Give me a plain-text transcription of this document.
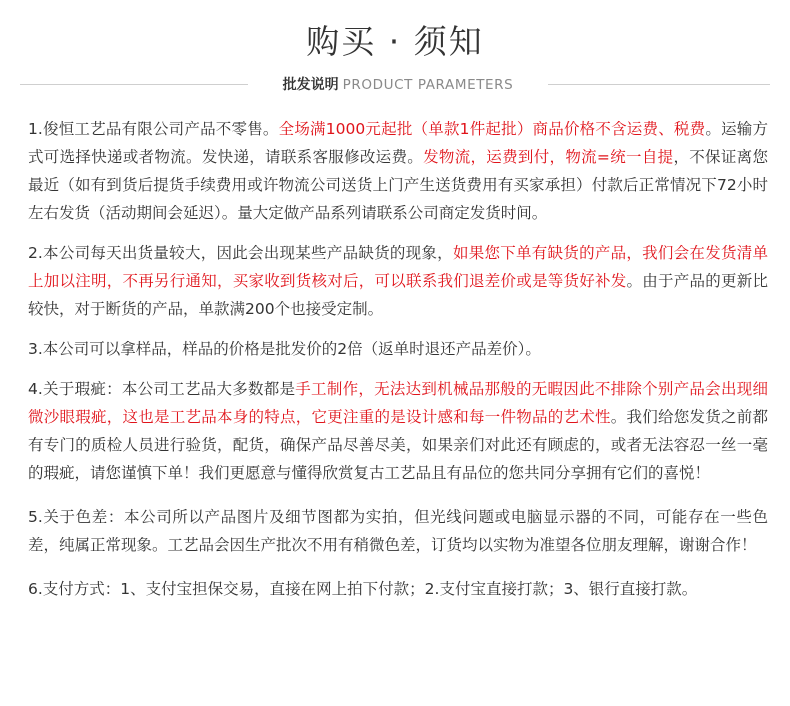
购买 · 须知
批发说明 PRODUCT PARAMETERS

1.俊恒工艺品有限公司产品不零售。全场满1000元起批（单款1件起批）商品价格不含运费、税费。运输方式可选择快递或者物流。发快递，请联系客服修改运费。发物流，运费到付，物流=统一自提，不保证离您最近（如有到货后提货手续费用或许物流公司送货上门产生送货费用有买家承担）付款后正常情况下72小时左右发货（活动期间会延迟）。量大定做产品系列请联系公司商定发货时间。

2.本公司每天出货量较大，因此会出现某些产品缺货的现象，如果您下单有缺货的产品，我们会在发货清单上加以注明，不再另行通知，买家收到货核对后，可以联系我们退差价或是等货好补发。由于产品的更新比较快，对于断货的产品，单款满200个也接受定制。

3.本公司可以拿样品，样品的价格是批发价的2倍（返单时退还产品差价）。

4.关于瑕疵：本公司工艺品大多数都是手工制作，无法达到机械品那般的无暇因此不排除个别产品会出现细微沙眼瑕疵，这也是工艺品本身的特点，它更注重的是设计感和每一件物品的艺术性。我们给您发货之前都有专门的质检人员进行验货，配货，确保产品尽善尽美，如果亲们对此还有顾虑的，或者无法容忍一丝一毫的瑕疵，请您谨慎下单！我们更愿意与懂得欣赏复古工艺品且有品位的您共同分享拥有它们的喜悦！

5.关于色差：本公司所以产品图片及细节图都为实拍，但光线问题或电脑显示器的不同，可能存在一些色差，纯属正常现象。工艺品会因生产批次不用有稍微色差，订货均以实物为准望各位朋友理解，谢谢合作！

6.支付方式：1、支付宝担保交易，直接在网上拍下付款；2.支付宝直接打款；3、银行直接打款。
